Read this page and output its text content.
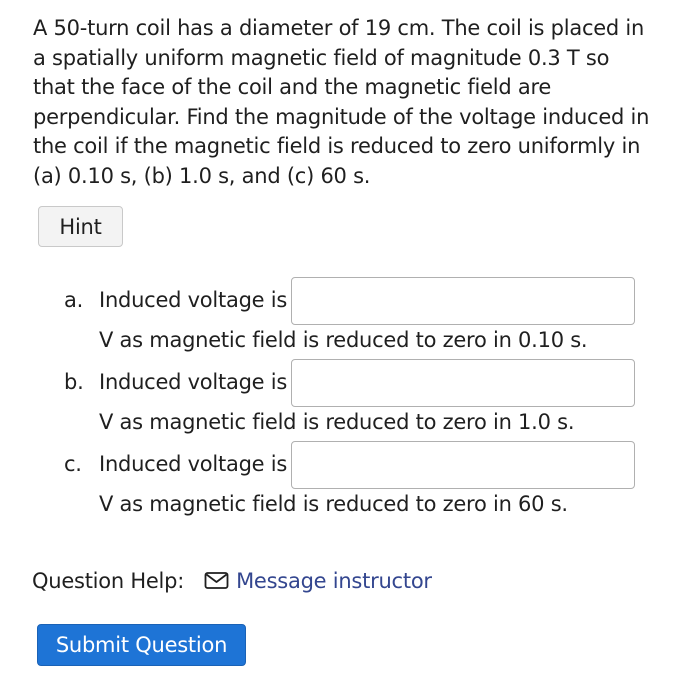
A 50-turn coil has a diameter of 19 cm. The coil is placed in a spatially uniform magnetic field of magnitude 0.3 T so that the face of the coil and the magnetic field are perpendicular. Find the magnitude of the voltage induced in the coil if the magnetic field is reduced to zero uniformly in (a) 0.10 s, (b) 1.0 s, and (c) 60 s.

Hint
a. Induced voltage is
V as magnetic field is reduced to zero in 0.10 s.
b. Induced voltage is
V as magnetic field is reduced to zero in 1.0 s.
c. Induced voltage is
V as magnetic field is reduced to zero in 60 s.
Question Help: Message instructor
Submit Question
